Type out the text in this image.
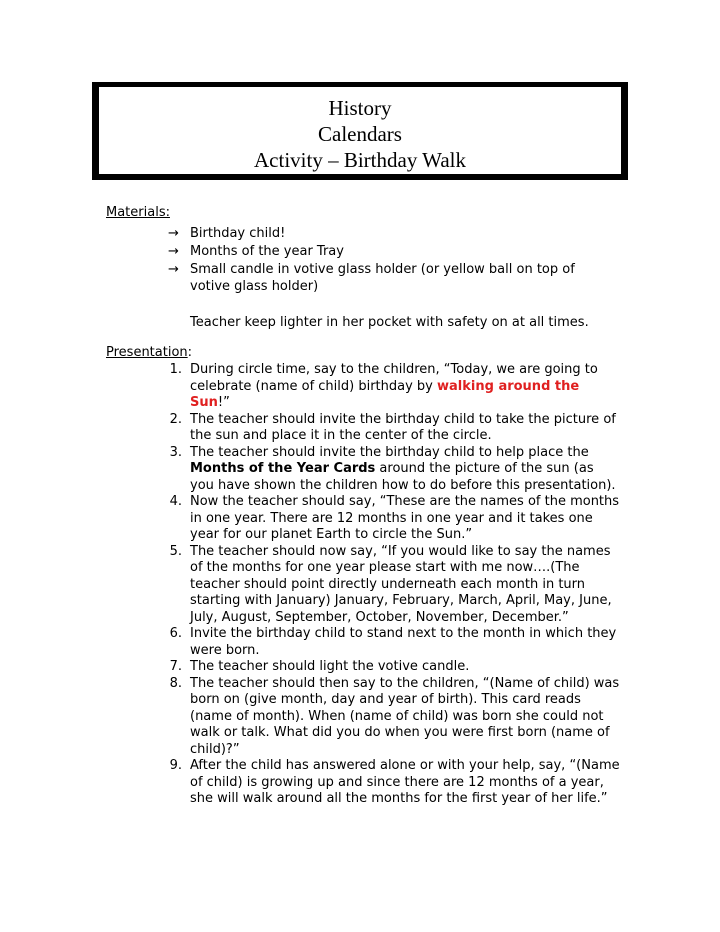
History
Calendars
Activity – Birthday Walk
Materials:
→ Birthday child!
→ Months of the year Tray
→ Small candle in votive glass holder (or yellow ball on top of votive glass holder)
Teacher keep lighter in her pocket with safety on at all times.
Presentation:
1. During circle time, say to the children, “Today, we are going to celebrate (name of child) birthday by walking around the Sun!”
2. The teacher should invite the birthday child to take the picture of the sun and place it in the center of the circle.
3. The teacher should invite the birthday child to help place the Months of the Year Cards around the picture of the sun (as you have shown the children how to do before this presentation).
4. Now the teacher should say, “These are the names of the months in one year. There are 12 months in one year and it takes one year for our planet Earth to circle the Sun.”
5. The teacher should now say, “If you would like to say the names of the months for one year please start with me now….(The teacher should point directly underneath each month in turn starting with January) January, February, March, April, May, June, July, August, September, October, November, December.”
6. Invite the birthday child to stand next to the month in which they were born.
7. The teacher should light the votive candle.
8. The teacher should then say to the children, “(Name of child) was born on (give month, day and year of birth). This card reads (name of month). When (name of child) was born she could not walk or talk. What did you do when you were first born (name of child)?”
9. After the child has answered alone or with your help, say, “(Name of child) is growing up and since there are 12 months of a year, she will walk around all the months for the first year of her life.”
